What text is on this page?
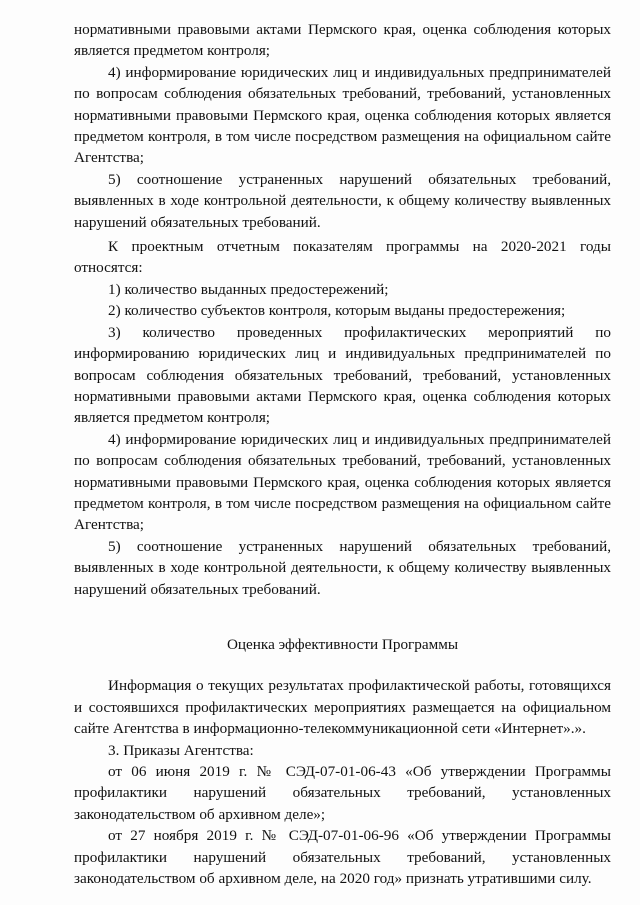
нормативными правовыми актами Пермского края, оценка соблюдения которых является предметом контроля;

4) информирование юридических лиц и индивидуальных предпринимателей по вопросам соблюдения обязательных требований, требований, установленных нормативными правовыми Пермского края, оценка соблюдения которых является предметом контроля, в том числе посредством размещения на официальном сайте Агентства;

5) соотношение устраненных нарушений обязательных требований, выявленных в ходе контрольной деятельности, к общему количеству выявленных нарушений обязательных требований.

К проектным отчетным показателям программы на 2020-2021 годы относятся:

1) количество выданных предостережений;

2) количество субъектов контроля, которым выданы предостережения;

3) количество проведенных профилактических мероприятий по информированию юридических лиц и индивидуальных предпринимателей по вопросам соблюдения обязательных требований, требований, установленных нормативными правовыми актами Пермского края, оценка соблюдения которых является предметом контроля;

4) информирование юридических лиц и индивидуальных предпринимателей по вопросам соблюдения обязательных требований, требований, установленных нормативными правовыми Пермского края, оценка соблюдения которых является предметом контроля, в том числе посредством размещения на официальном сайте Агентства;

5) соотношение устраненных нарушений обязательных требований, выявленных в ходе контрольной деятельности, к общему количеству выявленных нарушений обязательных требований.

Оценка эффективности Программы

Информация о текущих результатах профилактической работы, готовящихся и состоявшихся профилактических мероприятиях размещается на официальном сайте Агентства в информационно-телекоммуникационной сети «Интернет».».

3. Приказы Агентства:

от 06 июня 2019 г. № СЭД-07-01-06-43 «Об утверждении Программы профилактики нарушений обязательных требований, установленных законодательством об архивном деле»;

от 27 ноября 2019 г. № СЭД-07-01-06-96 «Об утверждении Программы профилактики нарушений обязательных требований, установленных законодательством об архивном деле, на 2020 год» признать утратившими силу.
